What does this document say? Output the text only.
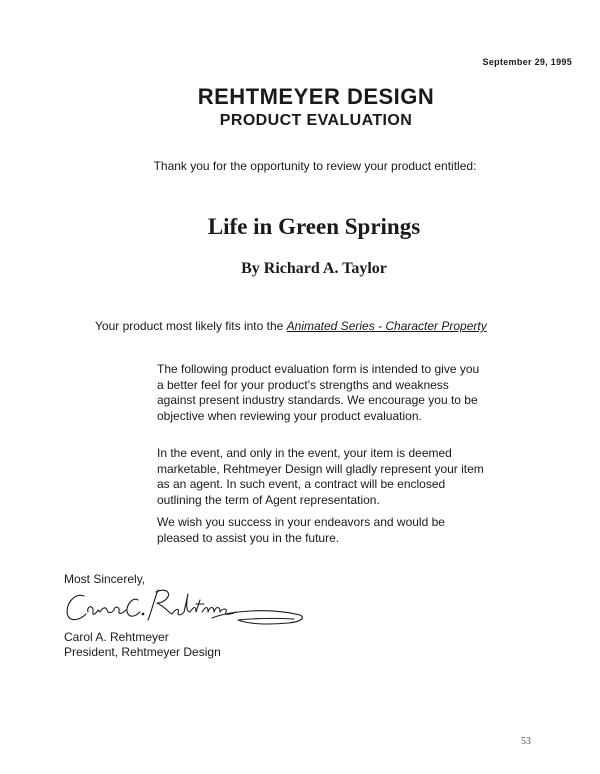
September 29, 1995
REHTMEYER DESIGN
PRODUCT EVALUATION
Thank you for the opportunity to review your product entitled:
Life in Green Springs
By Richard A. Taylor
Your product most likely fits into the Animated Series - Character Property
The following product evaluation form is intended to give you a better feel for your product's strengths and weakness against present industry standards. We encourage you to be objective when reviewing your product evaluation.
In the event, and only in the event, your item is deemed marketable, Rehtmeyer Design will gladly represent your item as an agent. In such event, a contract will be enclosed outlining the term of Agent representation.
We wish you success in your endeavors and would be pleased to assist you in the future.
Most Sincerely,
Carol A. Rehtmeyer
President, Rehtmeyer Design
53
